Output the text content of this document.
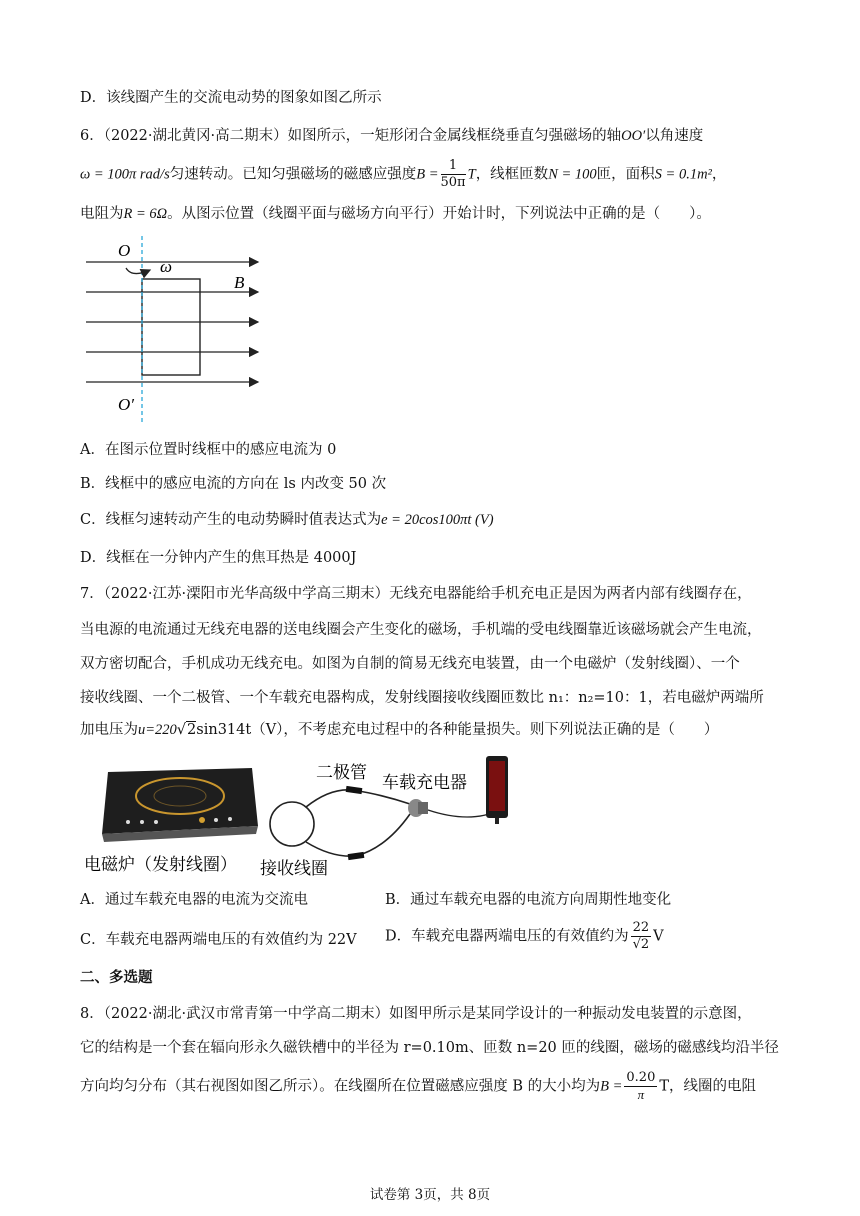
D．该线圈产生的交流电动势的图象如图乙所示
6．（2022·湖北黄冈·高二期末）如图所示，一矩形闭合金属线框绕垂直匀强磁场的轴OO′以角速度
ω = 100π rad/s匀速转动。已知匀强磁场的磁感应强度$B = \frac{1}{50\pi}$ T，线框匝数N = 100匝，面积S = 0.1m²，
电阻为R = 6Ω。从图示位置（线圈平面与磁场方向平行）开始计时，下列说法中正确的是（　　）。
O
ω
B
O′
A．在图示位置时线框中的感应电流为 0
B．线框中的感应电流的方向在 ls 内改变 50 次
C．线框匀速转动产生的电动势瞬时值表达式为e = 20cos100πt (V)
D．线框在一分钟内产生的焦耳热是 4000J
7．（2022·江苏·溧阳市光华高级中学高三期末）无线充电器能给手机充电正是因为两者内部有线圈存在，
当电源的电流通过无线充电器的送电线圈会产生变化的磁场，手机端的受电线圈靠近该磁场就会产生电流，
双方密切配合，手机成功无线充电。如图为自制的简易无线充电装置，由一个电磁炉（发射线圈）、一个
接收线圈、一个二极管、一个车载充电器构成，发射线圈接收线圈匝数比 n₁：n₂=10：1，若电磁炉两端所
加电压为u=220√2sin314t（V），不考虑充电过程中的各种能量损失。则下列说法正确的是（　　）
二极管
车载充电器
电磁炉（发射线圈） 接收线圈
A．通过车载充电器的电流为交流电	B．通过车载充电器的电流方向周期性地变化
C．车载充电器两端电压的有效值约为 22V D．车载充电器两端电压的有效值约为 $\frac{22}{√2}$ V
二、多选题
8．（2022·湖北·武汉市常青第一中学高二期末）如图甲所示是某同学设计的一种振动发电装置的示意图，
它的结构是一个套在辐向形永久磁铁槽中的半径为 r=0.10m、匝数 n=20 匝的线圈，磁场的磁感线均沿半径
方向均匀分布（其右视图如图乙所示）。在线圈所在位置磁感应强度 B 的大小均为$B = \frac{0.20}{\pi}$ T，线圈的电阻
试卷第 3页，共 8页
